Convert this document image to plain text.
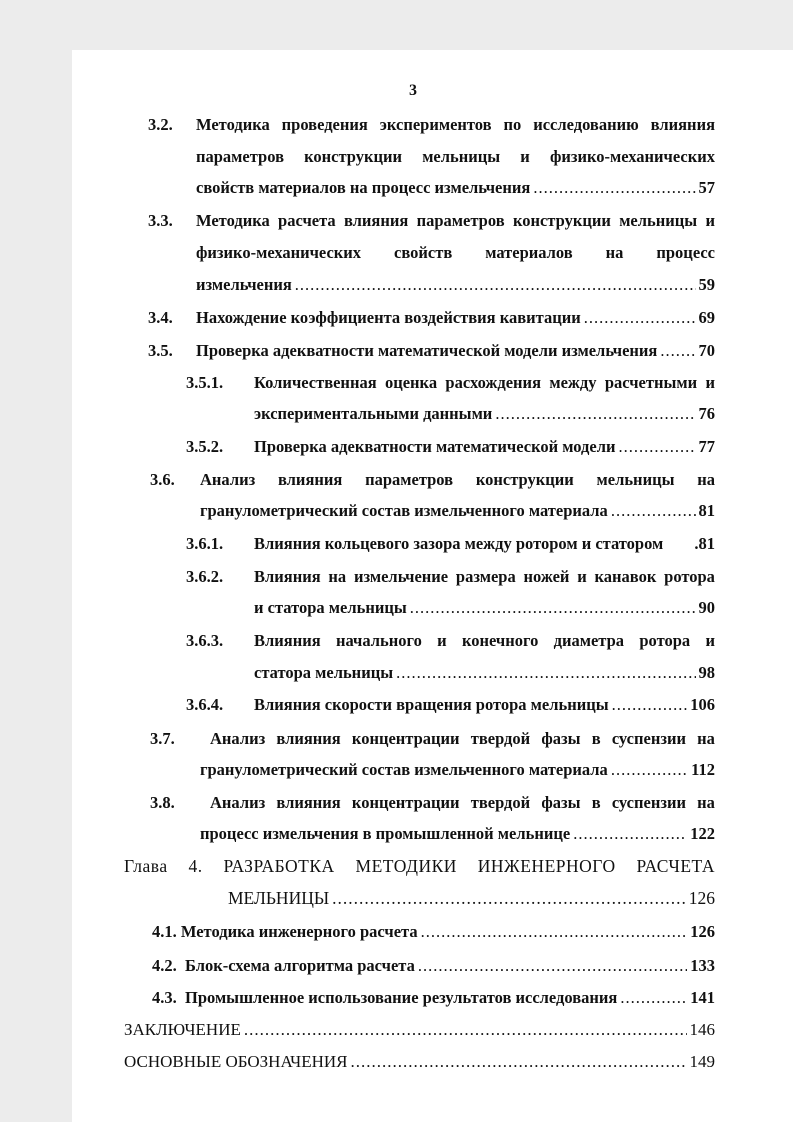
3
3.2. Методика проведения экспериментов по исследованию влияния
параметров конструкции мельницы и физико-механических
свойств материалов на процесс измельчения .....	57
3.3. Методика расчета влияния параметров конструкции мельницы и
физико-механических свойств материалов на процесс
измельчения .....	59
3.4. Нахождение коэффициента воздействия кавитации .....	69
3.5. Проверка адекватности математической модели измельчения ..... 70
3.5.1. Количественная оценка расхождения между расчетными и
экспериментальными данными .....	76
3.5.2. Проверка адекватности математической модели .....	77
3.6. Анализ влияния параметров конструкции мельницы на
гранулометрический состав измельченного материала .....	81
3.6.1. Влияния кольцевого зазора между ротором и статором .81
3.6.2. Влияния на измельчение размера ножей и канавок ротора
и статора мельницы .....	90
3.6.3. Влияния начального и конечного диаметра ротора и
статора мельницы .....	98
3.6.4. Влияния скорости вращения ротора мельницы .....	106
3.7. Анализ влияния концентрации твердой фазы в суспензии на
гранулометрический состав измельченного материала .....	112
3.8. Анализ влияния концентрации твердой фазы в суспензии на
процесс измельчения в промышленной мельнице .....	122
Глава 4. РАЗРАБОТКА МЕТОДИКИ ИНЖЕНЕРНОГО РАСЧЕТА
МЕЛЬНИЦЫ .....	126
4.1. Методика инженерного расчета .....	126
4.2.  Блок-схема алгоритма расчета .....	133
4.3.  Промышленное использование результатов исследования .....	141
ЗАКЛЮЧЕНИЕ .....	146
ОСНОВНЫЕ ОБОЗНАЧЕНИЯ .....	149
